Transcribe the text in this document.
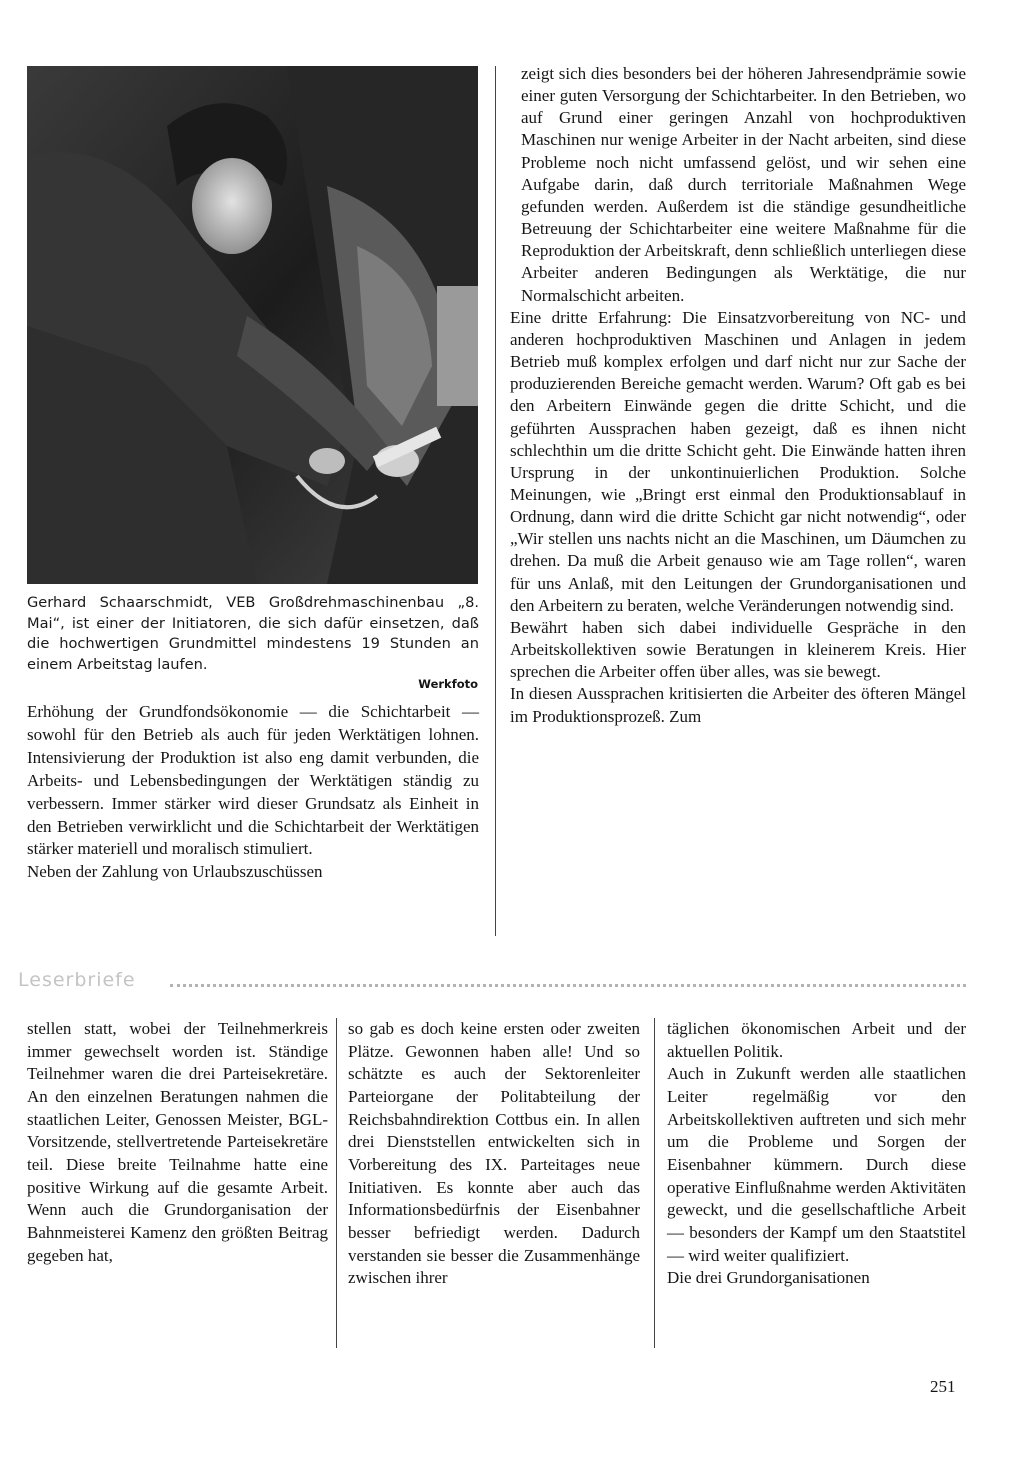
Gerhard Schaarschmidt, VEB Großdrehmaschinenbau „8. Mai“, ist einer der Initiatoren, die sich dafür einsetzen, daß die hochwertigen Grundmittel mindestens 19 Stunden an einem Arbeitstag laufen.
Werkfoto

Erhöhung der Grundfondsökonomie — die Schichtarbeit — sowohl für den Betrieb als auch für jeden Werktätigen lohnen. Intensivierung der Produktion ist also eng damit verbunden, die Arbeits- und Lebensbedingungen der Werktätigen ständig zu verbessern. Immer stärker wird dieser Grundsatz als Einheit in den Betrieben verwirklicht und die Schichtarbeit der Werktätigen stärker materiell und moralisch stimuliert.

Neben der Zahlung von Urlaubszuschüssen

zeigt sich dies besonders bei der höheren Jahresendprämie sowie einer guten Versorgung der Schichtarbeiter. In den Betrieben, wo auf Grund einer geringen Anzahl von hochproduktiven Maschinen nur wenige Arbeiter in der Nacht arbeiten, sind diese Probleme noch nicht umfassend gelöst, und wir sehen eine Aufgabe darin, daß durch territoriale Maßnahmen Wege gefunden werden. Außerdem ist die ständige gesundheitliche Betreuung der Schichtarbeiter eine weitere Maßnahme für die Reproduktion der Arbeitskraft, denn schließlich unterliegen diese Arbeiter anderen Bedingungen als Werktätige, die nur Normalschicht arbeiten.

Eine dritte Erfahrung: Die Einsatzvorbereitung von NC- und anderen hochproduktiven Maschinen und Anlagen in jedem Betrieb muß komplex erfolgen und darf nicht nur zur Sache der produzierenden Bereiche gemacht werden. Warum? Oft gab es bei den Arbeitern Einwände gegen die dritte Schicht, und die geführten Aussprachen haben gezeigt, daß es ihnen nicht schlechthin um die dritte Schicht geht. Die Einwände hatten ihren Ursprung in der unkontinuierlichen Produktion. Solche Meinungen, wie „Bringt erst einmal den Produktionsablauf in Ordnung, dann wird die dritte Schicht gar nicht notwendig“, oder „Wir stellen uns nachts nicht an die Maschinen, um Däumchen zu drehen. Da muß die Arbeit genauso wie am Tage rollen“, waren für uns Anlaß, mit den Leitungen der Grundorganisationen und den Arbeitern zu beraten, welche Veränderungen notwendig sind.

Bewährt haben sich dabei individuelle Gespräche in den Arbeitskollektiven sowie Beratungen in kleinerem Kreis. Hier sprechen die Arbeiter offen über alles, was sie bewegt.

In diesen Aussprachen kritisierten die Arbeiter des öfteren Mängel im Produktionsprozeß. Zum

Leserbriefe

stellen statt, wobei der Teilnehmerkreis immer gewechselt worden ist. Ständige Teilnehmer waren die drei Parteisekretäre. An den einzelnen Beratungen nahmen die staatlichen Leiter, Genossen Meister, BGL-Vorsitzende, stellvertretende Parteisekretäre teil. Diese breite Teilnahme hatte eine positive Wirkung auf die gesamte Arbeit. Wenn auch die Grundorganisation der Bahnmeisterei Kamenz den größten Beitrag gegeben hat,

so gab es doch keine ersten oder zweiten Plätze. Gewonnen haben alle! Und so schätzte es auch der Sektorenleiter Parteiorgane der Politabteilung der Reichsbahndirektion Cottbus ein. In allen drei Dienststellen entwickelten sich in Vorbereitung des IX. Parteitages neue Initiativen. Es konnte aber auch das Informationsbedürfnis der Eisenbahner besser befriedigt werden. Dadurch verstanden sie besser die Zusammenhänge zwischen ihrer

täglichen ökonomischen Arbeit und der aktuellen Politik.

Auch in Zukunft werden alle staatlichen Leiter regelmäßig vor den Arbeitskollektiven auftreten und sich mehr um die Probleme und Sorgen der Eisenbahner kümmern. Durch diese operative Einflußnahme werden Aktivitäten geweckt, und die gesellschaftliche Arbeit — besonders der Kampf um den Staatstitel — wird weiter qualifiziert.

Die drei Grundorganisationen

251
